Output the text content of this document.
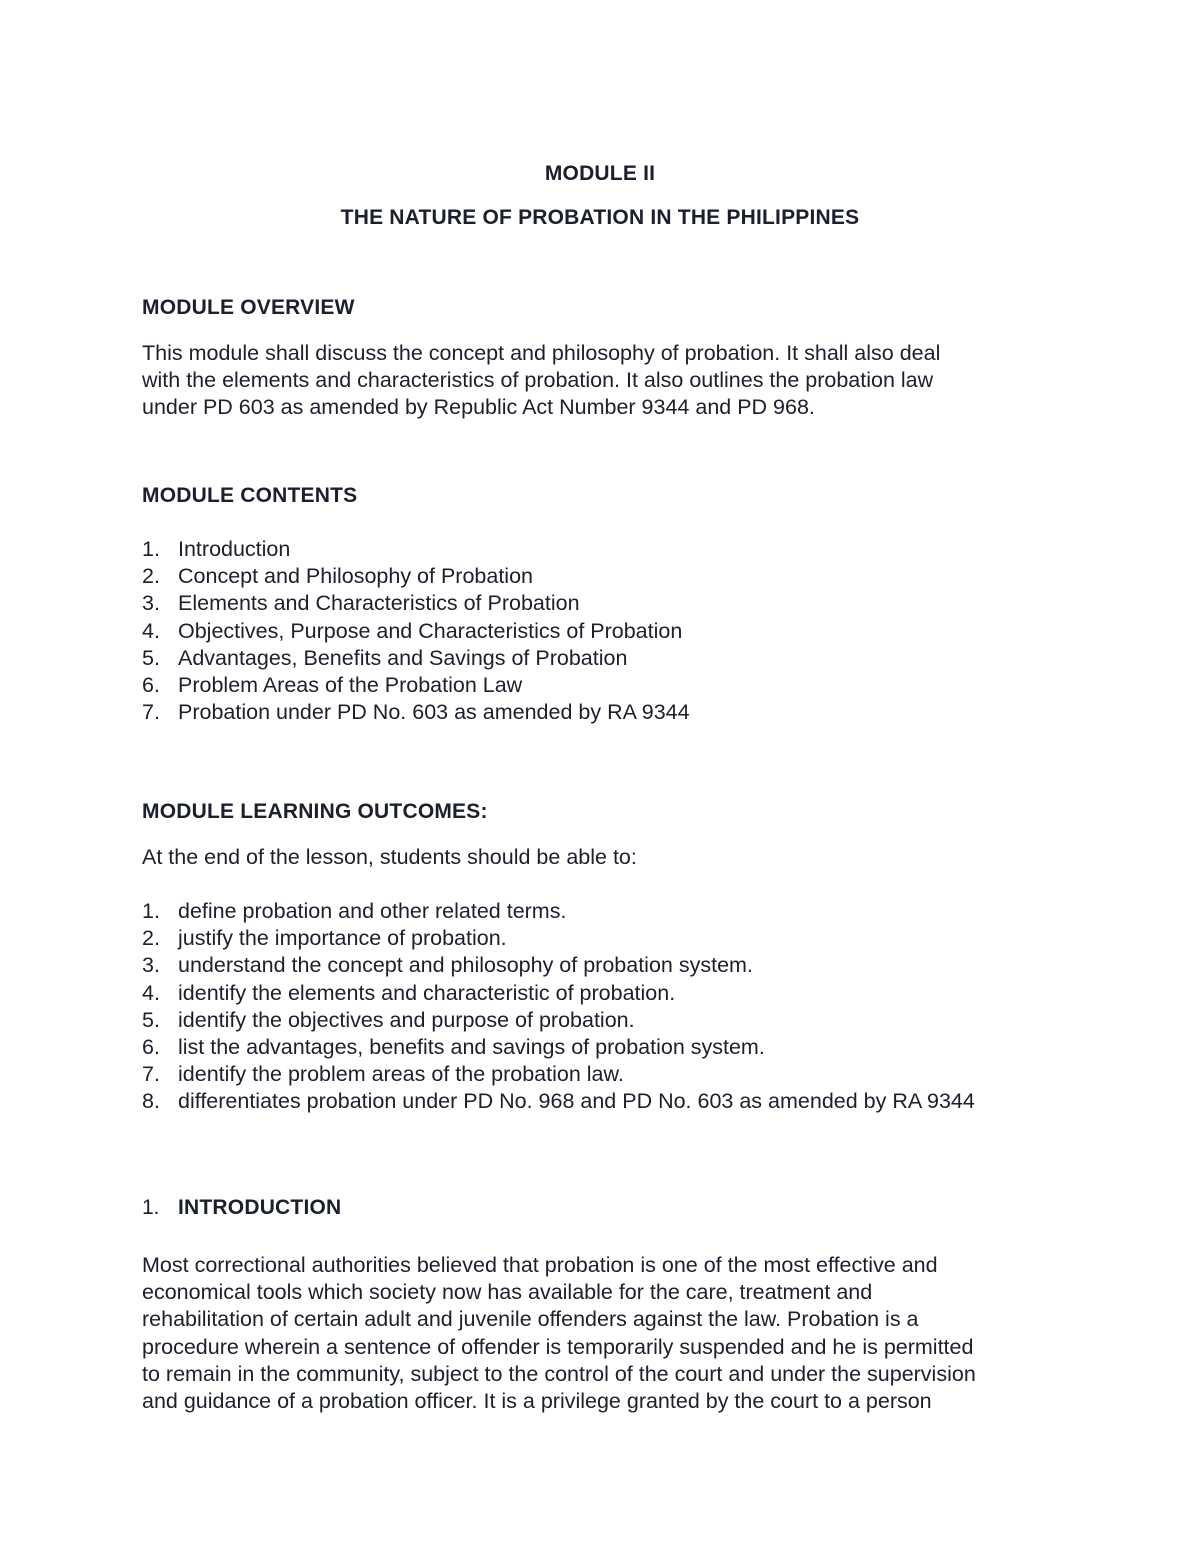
MODULE II
THE NATURE OF PROBATION IN THE PHILIPPINES
MODULE OVERVIEW
This module shall discuss the concept and philosophy of probation. It shall also deal
with the elements and characteristics of probation. It also outlines the probation law
under PD 603 as amended by Republic Act Number 9344 and PD 968.
MODULE CONTENTS
1. Introduction
2. Concept and Philosophy of Probation
3. Elements and Characteristics of Probation
4. Objectives, Purpose and Characteristics of Probation
5. Advantages, Benefits and Savings of Probation
6. Problem Areas of the Probation Law
7. Probation under PD No. 603 as amended by RA 9344
MODULE LEARNING OUTCOMES:
At the end of the lesson, students should be able to:
1. define probation and other related terms.
2. justify the importance of probation.
3. understand the concept and philosophy of probation system.
4. identify the elements and characteristic of probation.
5. identify the objectives and purpose of probation.
6. list the advantages, benefits and savings of probation system.
7. identify the problem areas of the probation law.
8. differentiates probation under PD No. 968 and PD No. 603 as amended by RA 9344
1. INTRODUCTION
Most correctional authorities believed that probation is one of the most effective and
economical tools which society now has available for the care, treatment and
rehabilitation of certain adult and juvenile offenders against the law. Probation is a
procedure wherein a sentence of offender is temporarily suspended and he is permitted
to remain in the community, subject to the control of the court and under the supervision
and guidance of a probation officer. It is a privilege granted by the court to a person
